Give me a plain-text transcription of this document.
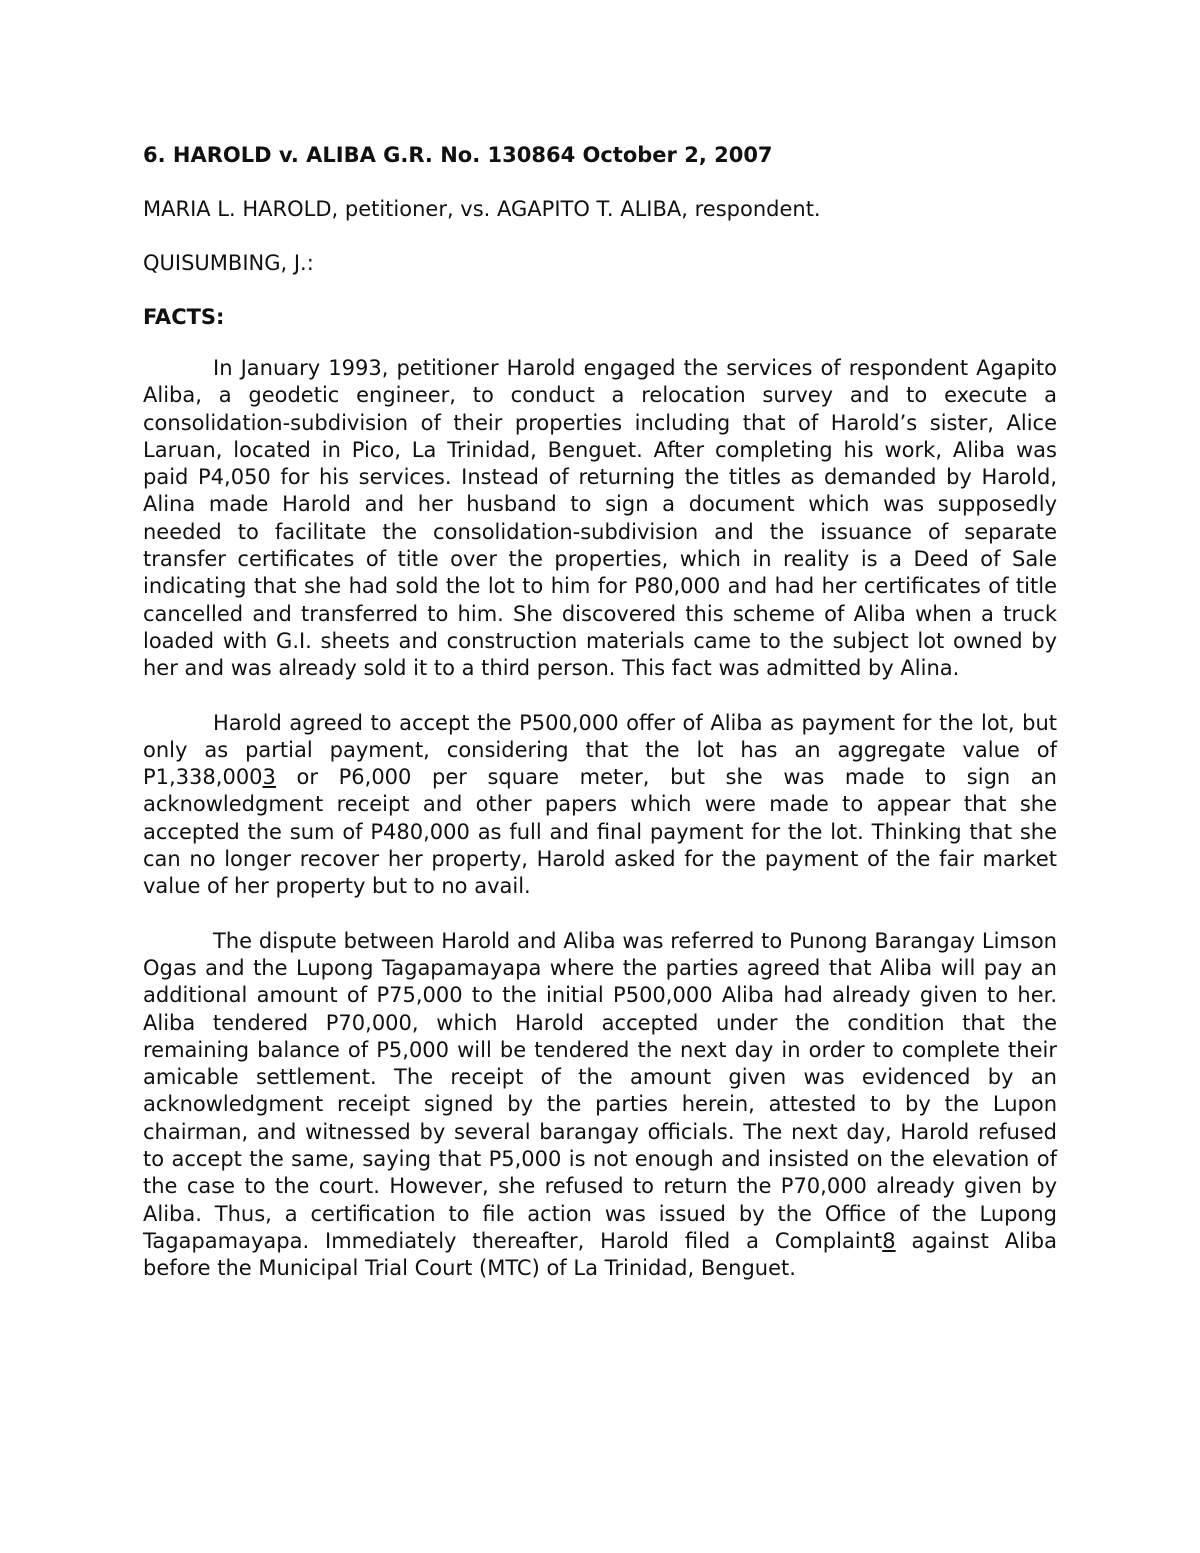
6. HAROLD v. ALIBA G.R. No. 130864 October 2, 2007
MARIA L. HAROLD, petitioner, vs. AGAPITO T. ALIBA, respondent.
QUISUMBING, J.:
FACTS:

In January 1993, petitioner Harold engaged the services of respondent Agapito Aliba, a geodetic engineer, to conduct a relocation survey and to execute a consolidation-subdivision of their properties including that of Harold’s sister, Alice Laruan, located in Pico, La Trinidad, Benguet. After completing his work, Aliba was paid P4,050 for his services. Instead of returning the titles as demanded by Harold, Alina made Harold and her husband to sign a document which was supposedly needed to facilitate the consolidation-subdivision and the issuance of separate transfer certificates of title over the properties, which in reality is a Deed of Sale indicating that she had sold the lot to him for P80,000 and had her certificates of title cancelled and transferred to him. She discovered this scheme of Aliba when a truck loaded with G.I. sheets and construction materials came to the subject lot owned by her and was already sold it to a third person. This fact was admitted by Alina.

Harold agreed to accept the P500,000 offer of Aliba as payment for the lot, but only as partial payment, considering that the lot has an aggregate value of P1,338,0003 or P6,000 per square meter, but she was made to sign an acknowledgment receipt and other papers which were made to appear that she accepted the sum of P480,000 as full and final payment for the lot. Thinking that she can no longer recover her property, Harold asked for the payment of the fair market value of her property but to no avail.

The dispute between Harold and Aliba was referred to Punong Barangay Limson Ogas and the Lupong Tagapamayapa where the parties agreed that Aliba will pay an additional amount of P75,000 to the initial P500,000 Aliba had already given to her. Aliba tendered P70,000, which Harold accepted under the condition that the remaining balance of P5,000 will be tendered the next day in order to complete their amicable settlement. The receipt of the amount given was evidenced by an acknowledgment receipt signed by the parties herein, attested to by the Lupon chairman, and witnessed by several barangay officials. The next day, Harold refused to accept the same, saying that P5,000 is not enough and insisted on the elevation of the case to the court. However, she refused to return the P70,000 already given by Aliba. Thus, a certification to file action was issued by the Office of the Lupong Tagapamayapa. Immediately thereafter, Harold filed a Complaint8 against Aliba before the Municipal Trial Court (MTC) of La Trinidad, Benguet.
